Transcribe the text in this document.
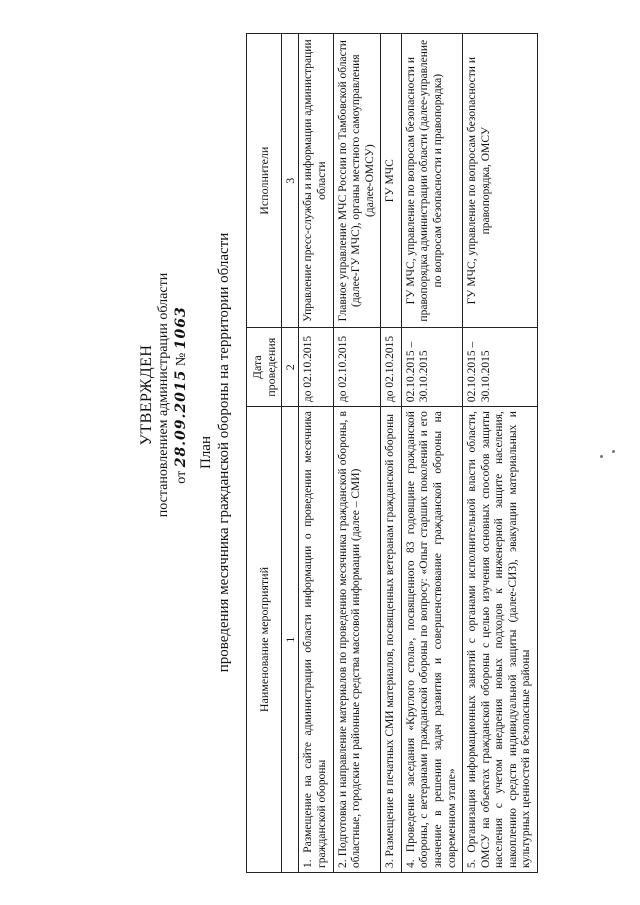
УТВЕРЖДЕН постановлением администрации области от 28.09.2015 № 1063
План проведения месячника гражданской обороны на территории области Наименование мероприятий	Дата проведения	Исполнители
1	2	3
1. Размещение на сайте администрации области информации о проведении месячника гражданской обороны	до 02.10.2015	Управление пресс-службы и информации администрации области
2. Подготовка и направление материалов по проведению месячника гражданской обороны, в областные, городские и районные средства массовой информации (далее – СМИ)	до 02.10.2015	Главное управление МЧС России по Тамбовской области (далее-ГУ МЧС), органы местного самоуправления (далее-ОМСУ)
3. Размещение в печатных СМИ материалов, посвященных ветеранам гражданской обороны	до 02.10.2015	ГУ МЧС
4. Проведение заседания «Круглого стола», посвященного 83 годовщине гражданской обороны, с ветеранами гражданской обороны по вопросу: «Опыт старших поколений и его значение в решении задач развития и совершенствование гражданской обороны на современном этапе»	02.10.2015 – 30.10.2015	ГУ МЧС, управление по вопросам безопасности и правопорядка администрации области (далее-управление по вопросам безопасности и правопорядка)
5. Организация информационных занятий с органами исполнительной власти области, ОМСУ на объектах гражданской обороны с целью изучения основных способов защиты населения с учетом внедрения новых подходов к инженерной защите населения, накоплению средств индивидуальной защиты (далее-СИЗ), эвакуации материальных и культурных ценностей в безопасные районы	02.10.2015 – 30.10.2015	ГУ МЧС, управление по вопросам безопасности и правопорядка, ОМСУ
